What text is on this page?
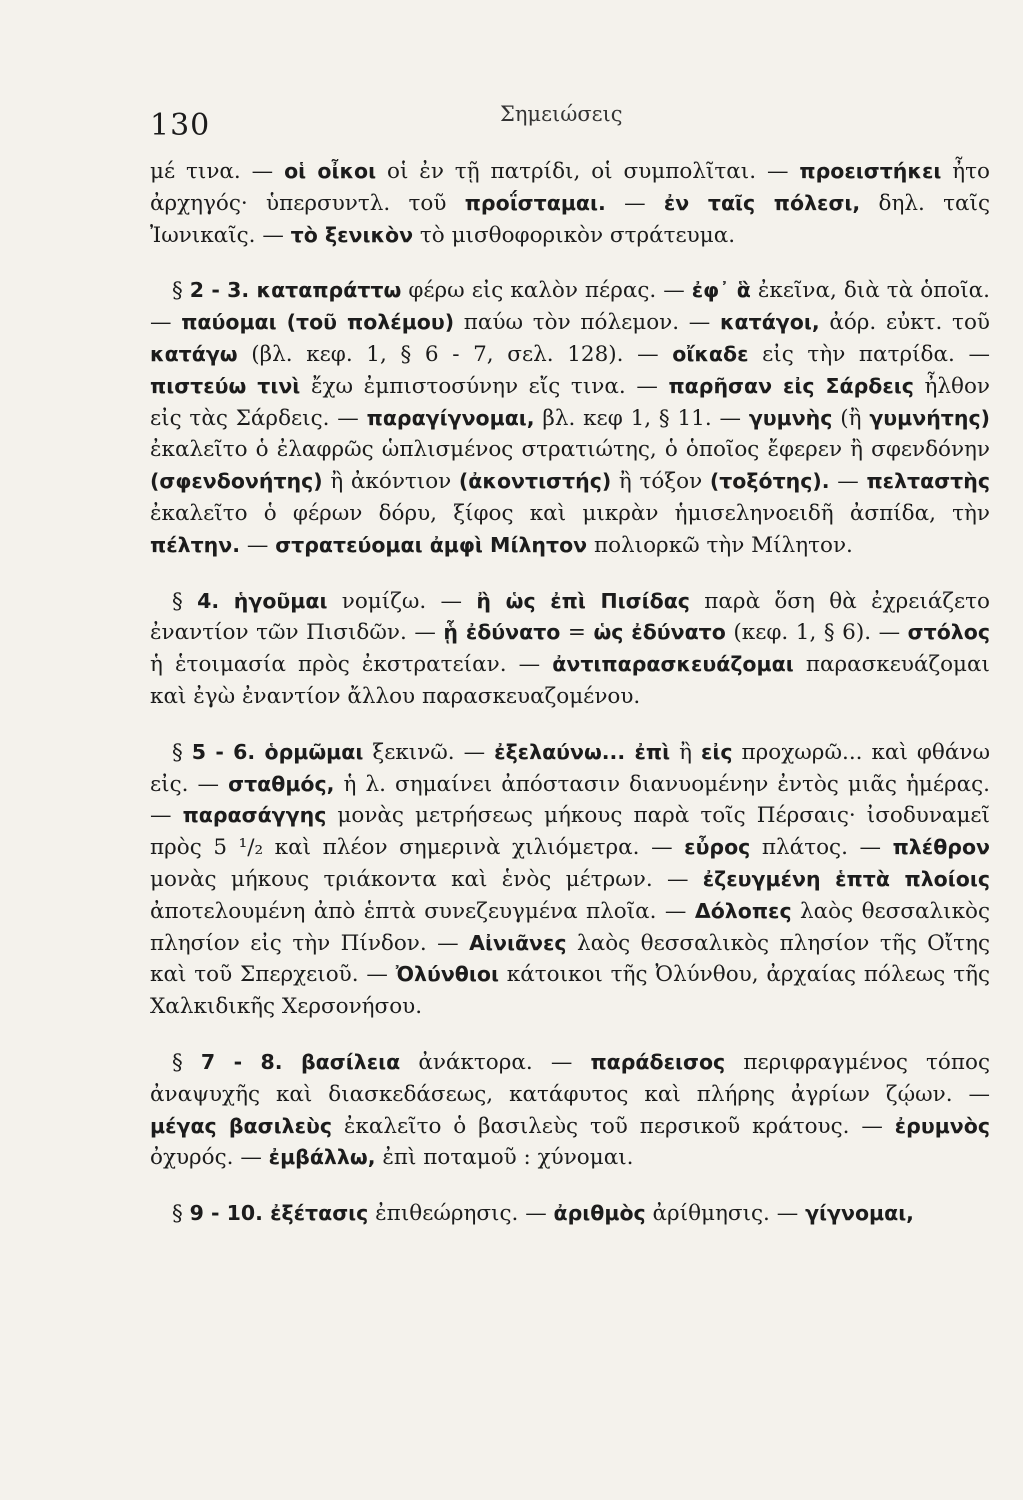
130	Σημειώσεις

μέ τινα. — οἱ οἶκοι οἱ ἐν τῇ πατρίδι, οἱ συμπολῖται. — προειστήκει ἦτο ἀρχηγός· ὑπερσυντλ. τοῦ προΐσταμαι. — ἐν ταῖς πόλεσι, δηλ. ταῖς Ἰωνικαῖς. — τὸ ξενικὸν τὸ μισθοφορικὸν στράτευμα.

§ 2 - 3. καταπράττω φέρω εἰς καλὸν πέρας. — ἐφ᾽ ἃ ἐκεῖνα, διὰ τὰ ὁποῖα. — παύομαι (τοῦ πολέμου) παύω τὸν πόλεμον. — κατάγοι, ἀόρ. εὐκτ. τοῦ κατάγω (βλ. κεφ. 1, § 6 - 7, σελ. 128). — οἴκαδε εἰς τὴν πατρίδα. — πιστεύω τινὶ ἔχω ἐμπιστοσύνην εἴς τινα. — παρῆσαν εἰς Σάρδεις ἦλθον εἰς τὰς Σάρδεις. — παραγίγνομαι, βλ. κεφ 1, § 11. — γυμνὴς (ἢ γυμνήτης) ἐκαλεῖτο ὁ ἐλαφρῶς ὡπλισμένος στρατιώτης, ὁ ὁποῖος ἔφερεν ἢ σφενδόνην (σφενδονήτης) ἢ ἀκόντιον (ἀκοντιστής) ἢ τόξον (τοξότης). — πελταστὴς ἐκαλεῖτο ὁ φέρων δόρυ, ξίφος καὶ μικρὰν ἡμισεληνοειδῆ ἀσπίδα, τὴν πέλτην. — στρατεύομαι ἀμφὶ Μίλητον πολιορκῶ τὴν Μίλητον.

§ 4. ἡγοῦμαι νομίζω. — ἢ ὡς ἐπὶ Πισίδας παρὰ ὅση θὰ ἐχρειάζετο ἐναντίον τῶν Πισιδῶν. — ᾗ ἐδύνατο = ὡς ἐδύνατο (κεφ. 1, § 6). — στόλος ἡ ἑτοιμασία πρὸς ἐκστρατείαν. — ἀντιπαρασκευάζομαι παρασκευάζομαι καὶ ἐγὼ ἐναντίον ἄλλου παρασκευαζομένου.

§ 5 - 6. ὁρμῶμαι ξεκινῶ. — ἐξελαύνω... ἐπὶ ἢ εἰς προχωρῶ... καὶ φθάνω εἰς. — σταθμός, ἡ λ. σημαίνει ἀπόστασιν διανυομένην ἐντὸς μιᾶς ἡμέρας. — παρασάγγης μονὰς μετρήσεως μήκους παρὰ τοῖς Πέρσαις· ἰσοδυναμεῖ πρὸς 5 ¹/₂ καὶ πλέον σημερινὰ χιλιόμετρα. — εὖρος πλάτος. — πλέθρον μονὰς μήκους τριάκοντα καὶ ἑνὸς μέτρων. — ἐζευγμένη ἑπτὰ πλοίοις ἀποτελουμένη ἀπὸ ἑπτὰ συνεζευγμένα πλοῖα. — Δόλοπες λαὸς θεσσαλικὸς πλησίον εἰς τὴν Πίνδον. — Αἰνιᾶνες λαὸς θεσσαλικὸς πλησίον τῆς Οἴτης καὶ τοῦ Σπερχειοῦ. — Ὀλύνθιοι κάτοικοι τῆς Ὀλύνθου, ἀρχαίας πόλεως τῆς Χαλκιδικῆς Χερσονήσου.

§ 7 - 8. βασίλεια ἀνάκτορα. — παράδεισος περιφραγμένος τόπος ἀναψυχῆς καὶ διασκεδάσεως, κατάφυτος καὶ πλήρης ἀγρίων ζῴων. — μέγας βασιλεὺς ἐκαλεῖτο ὁ βασιλεὺς τοῦ περσικοῦ κράτους. — ἐρυμνὸς ὀχυρός. — ἐμβάλλω, ἐπὶ ποταμοῦ : χύνομαι.

§ 9 - 10. ἐξέτασις ἐπιθεώρησις. — ἀριθμὸς ἀρίθμησις. — γίγνομαι,
